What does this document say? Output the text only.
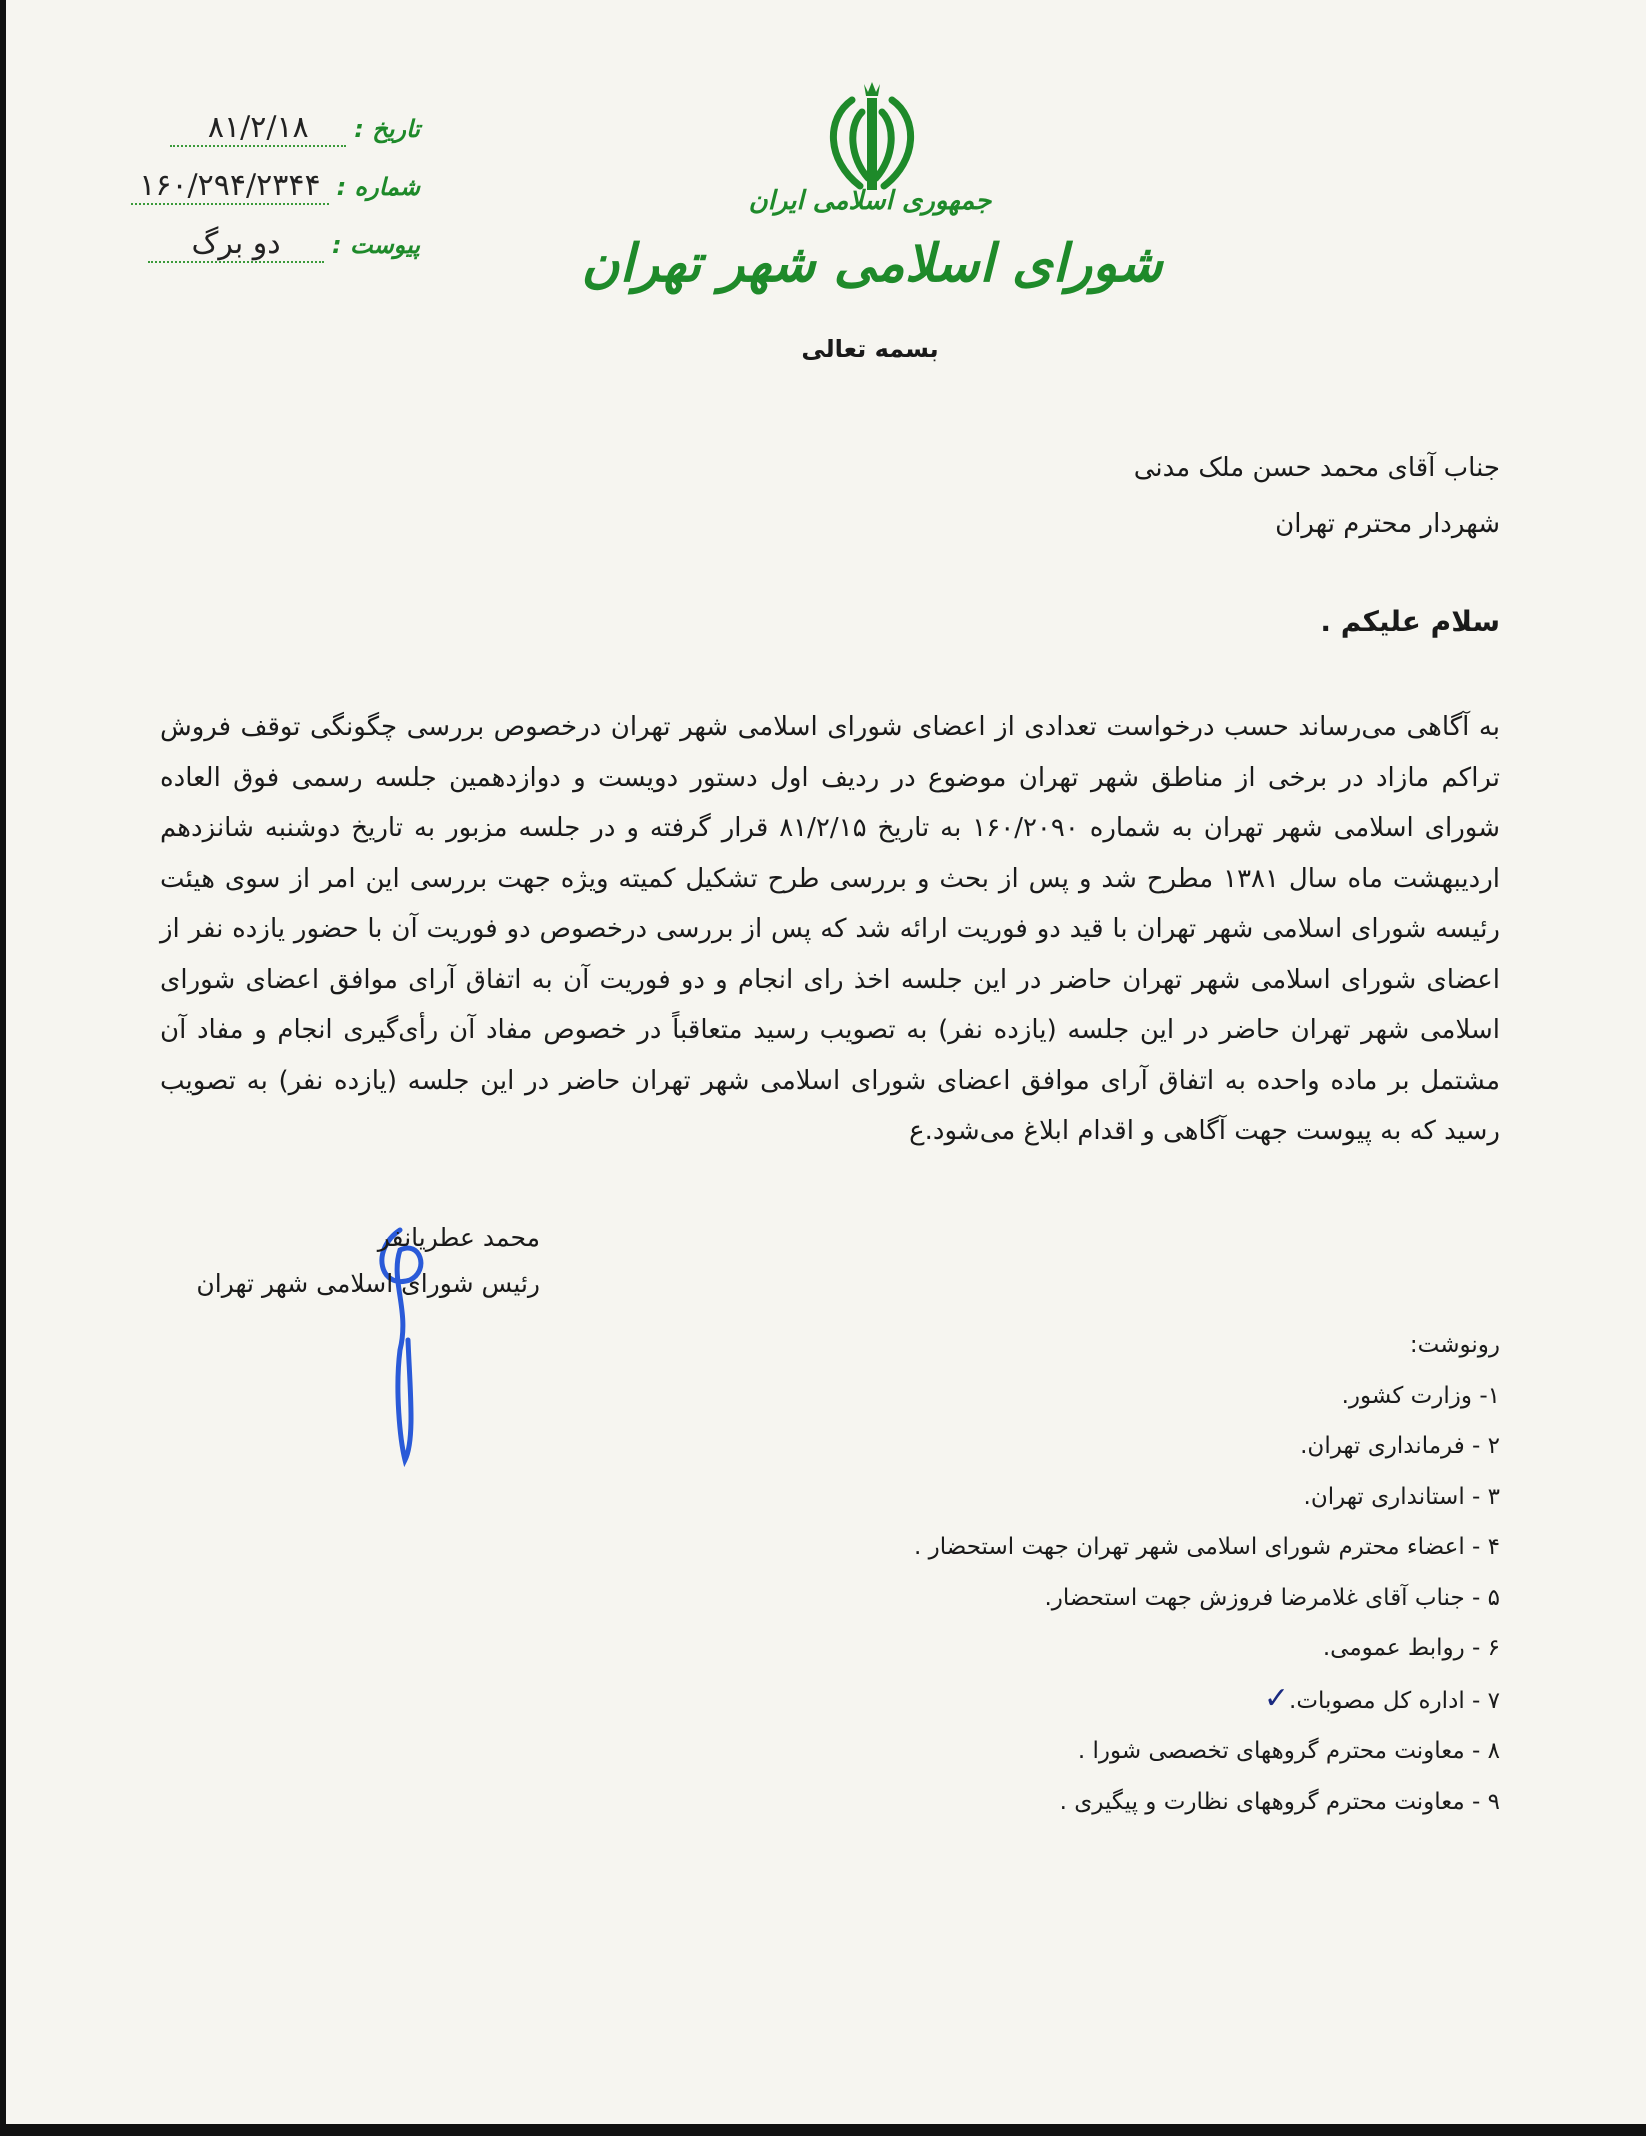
تاریخ :
۸۱/۲/۱۸
شماره :
۱۶۰/۲۹۴/۲۳۴۴
پیوست :
دو برگ
جمهوری اسلامی ایران
شورای اسلامی شهر تهران
بسمه تعالی
جناب آقای محمد حسن ملک مدنی
شهردار محترم تهران
سلام علیکم .
به آگاهی می‌رساند حسب درخواست تعدادی از اعضای شورای اسلامی شهر تهران درخصوص بررسی چگونگی توقف فروش تراکم مازاد در برخی از مناطق شهر تهران موضوع در ردیف اول دستور دویست و دوازدهمین جلسه رسمی فوق العاده شورای اسلامی شهر تهران به شماره ۱۶۰/۲۰۹۰ به تاریخ ۸۱/۲/۱۵ قرار گرفته و در جلسه مزبور به تاریخ دوشنبه شانزدهم اردیبهشت ماه سال ۱۳۸۱ مطرح شد و پس از بحث و بررسی طرح تشکیل کمیته ویژه جهت بررسی این امر از سوی هیئت رئیسه شورای اسلامی شهر تهران با قید دو فوریت ارائه شد که پس از بررسی درخصوص دو فوریت آن با حضور یازده نفر از اعضای شورای اسلامی شهر تهران حاضر در این جلسه اخذ رای انجام و دو فوریت آن به اتفاق آرای موافق اعضای شورای اسلامی شهر تهران حاضر در این جلسه (یازده نفر) به تصویب رسید متعاقباً در خصوص مفاد آن رأی‌گیری انجام و مفاد آن مشتمل بر ماده واحده به اتفاق آرای موافق اعضای شورای اسلامی شهر تهران حاضر در این جلسه (یازده نفر) به تصویب رسید که به پیوست جهت آگاهی و اقدام ابلاغ می‌شود.ع
محمد عطریانفر
رئیس شورای اسلامی شهر تهران
رونوشت:
۱- وزارت کشور.
۲ - فرمانداری تهران.
۳ - استانداری تهران.
۴ - اعضاء محترم شورای اسلامی شهر تهران جهت استحضار .
۵ - جناب آقای غلامرضا فروزش جهت استحضار.
۶ - روابط عمومی.
۷ - اداره کل مصوبات.✓
۸ - معاونت محترم گروههای تخصصی شورا .
۹ - معاونت محترم گروههای نظارت و پیگیری .
